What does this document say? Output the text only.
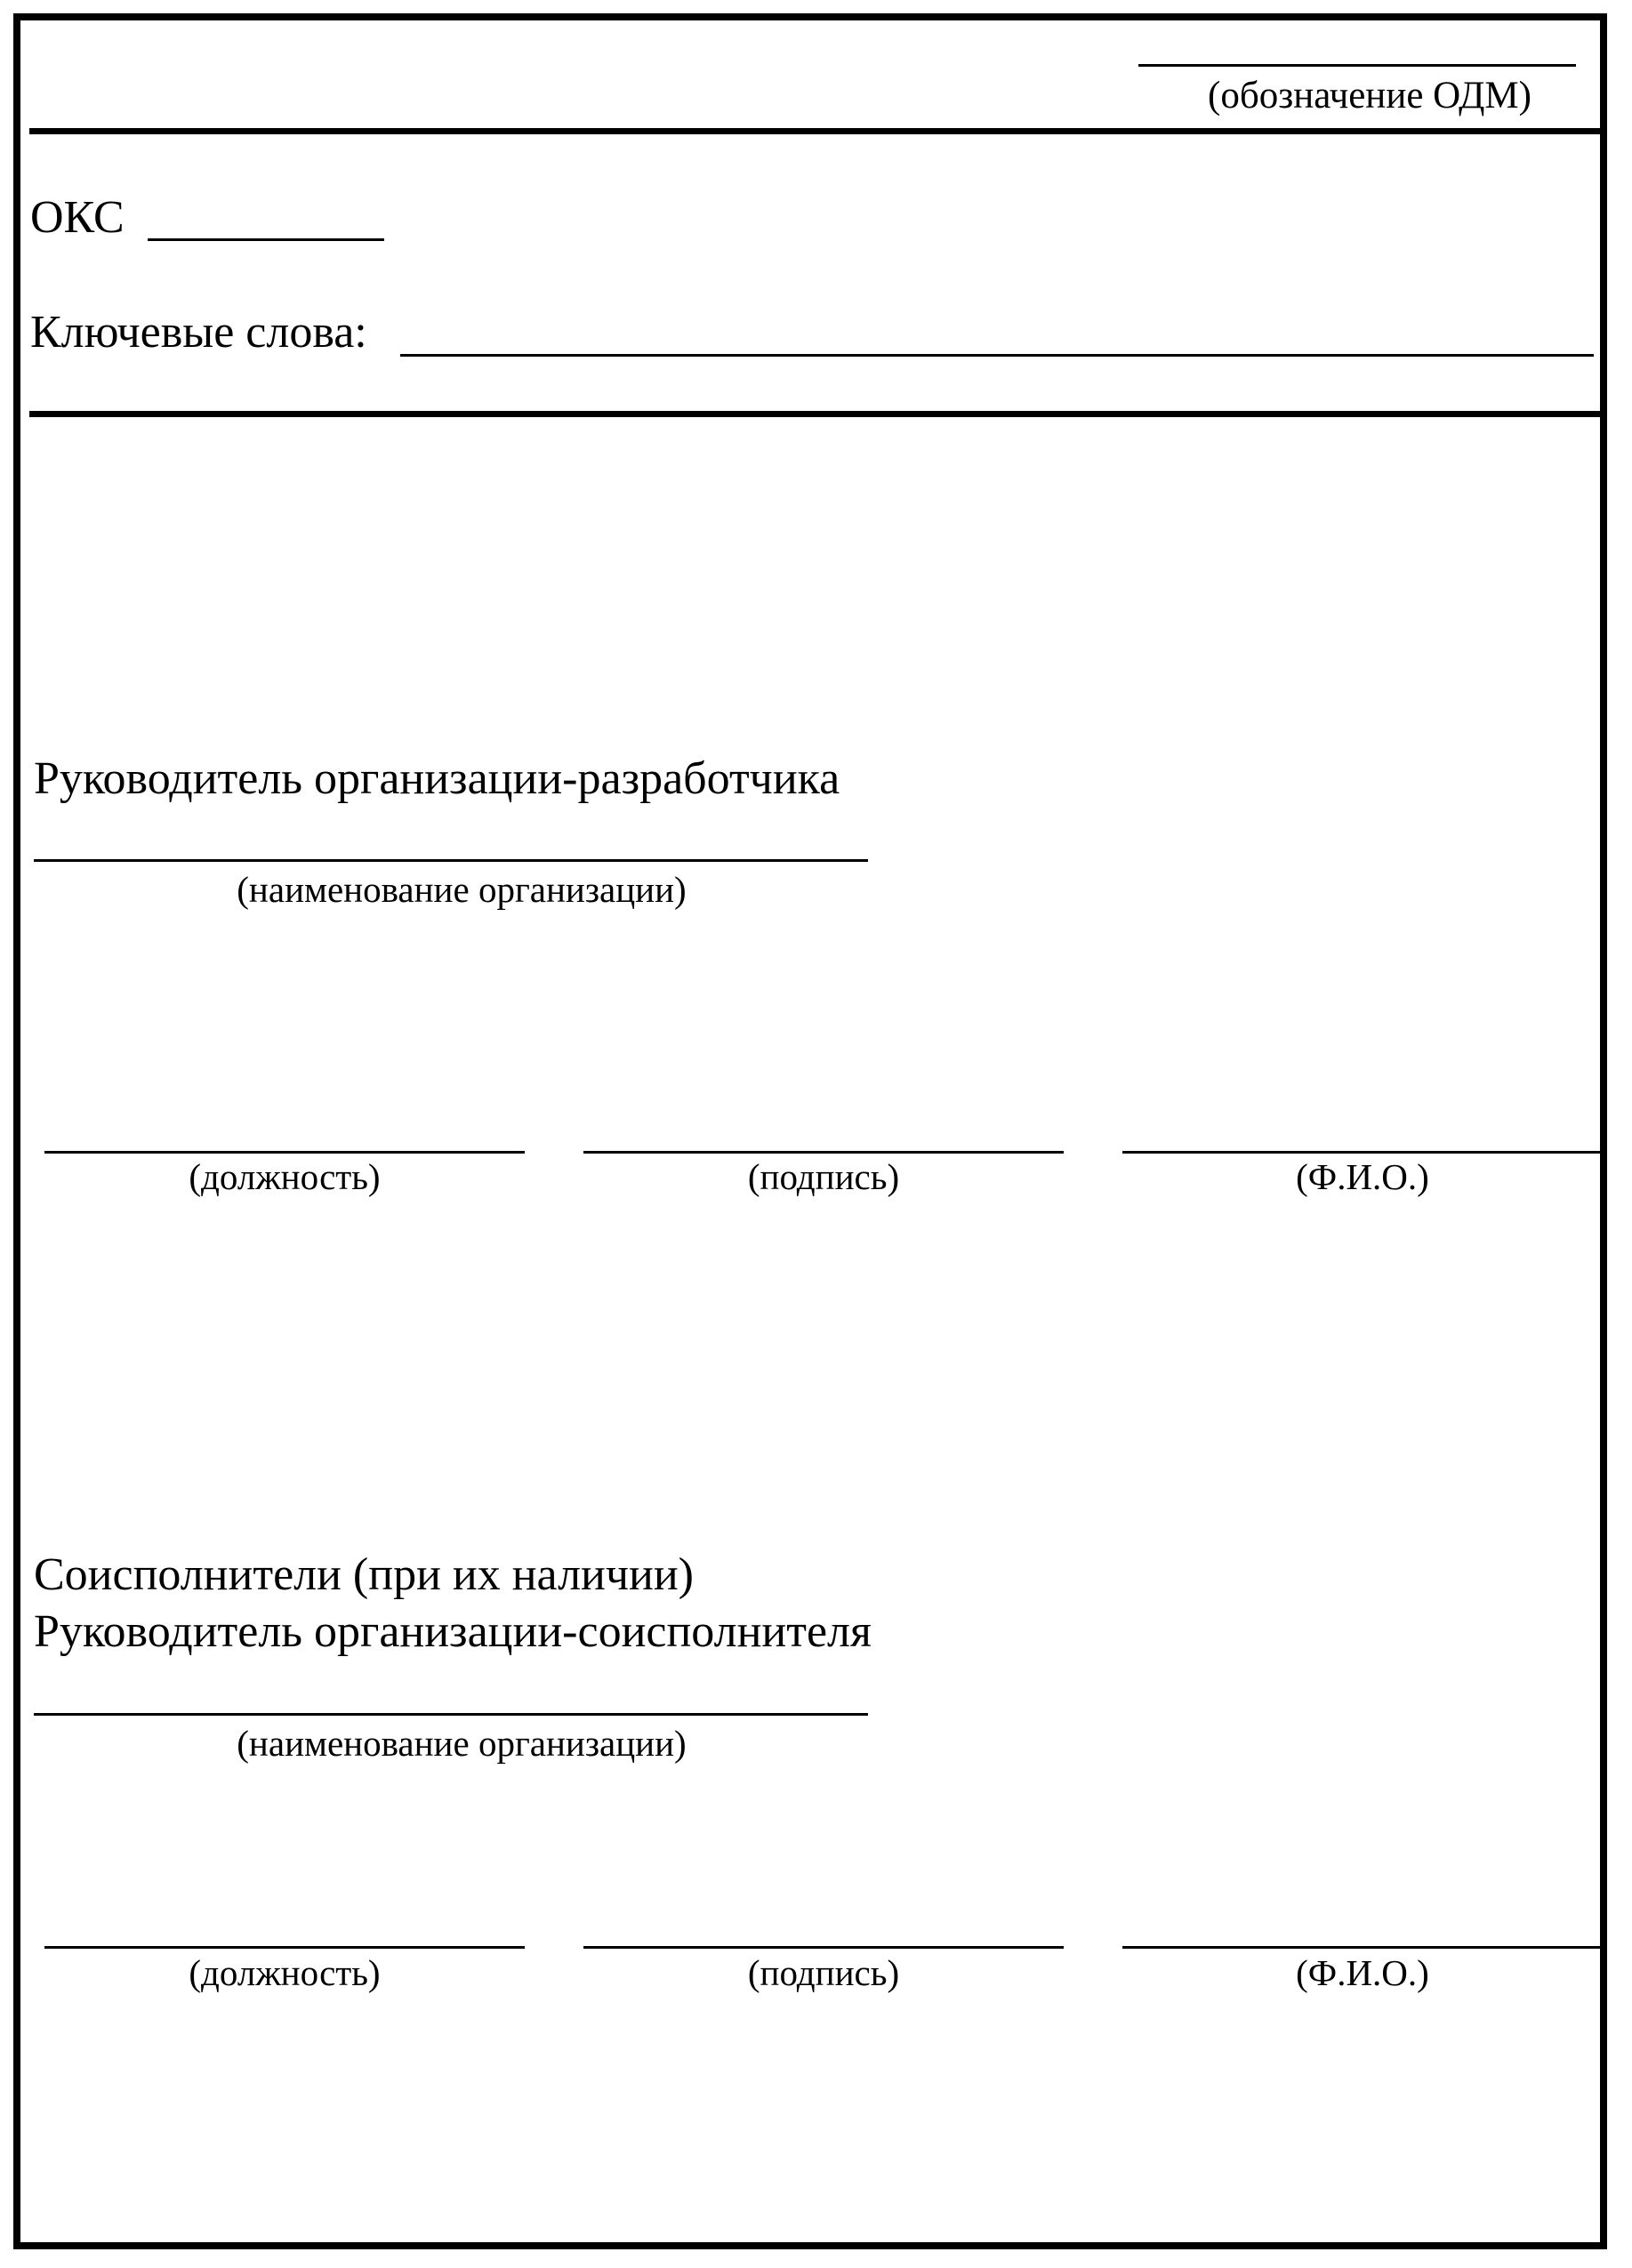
(обозначение ОДМ)
ОКС
Ключевые слова:
Руководитель организации-разработчика
(наименование организации)
(должность)	(подпись)	(Ф.И.О.)
Соисполнители (при их наличии)
Руководитель организации-соисполнителя
(наименование организации)
(должность)	(подпись)	(Ф.И.О.)
